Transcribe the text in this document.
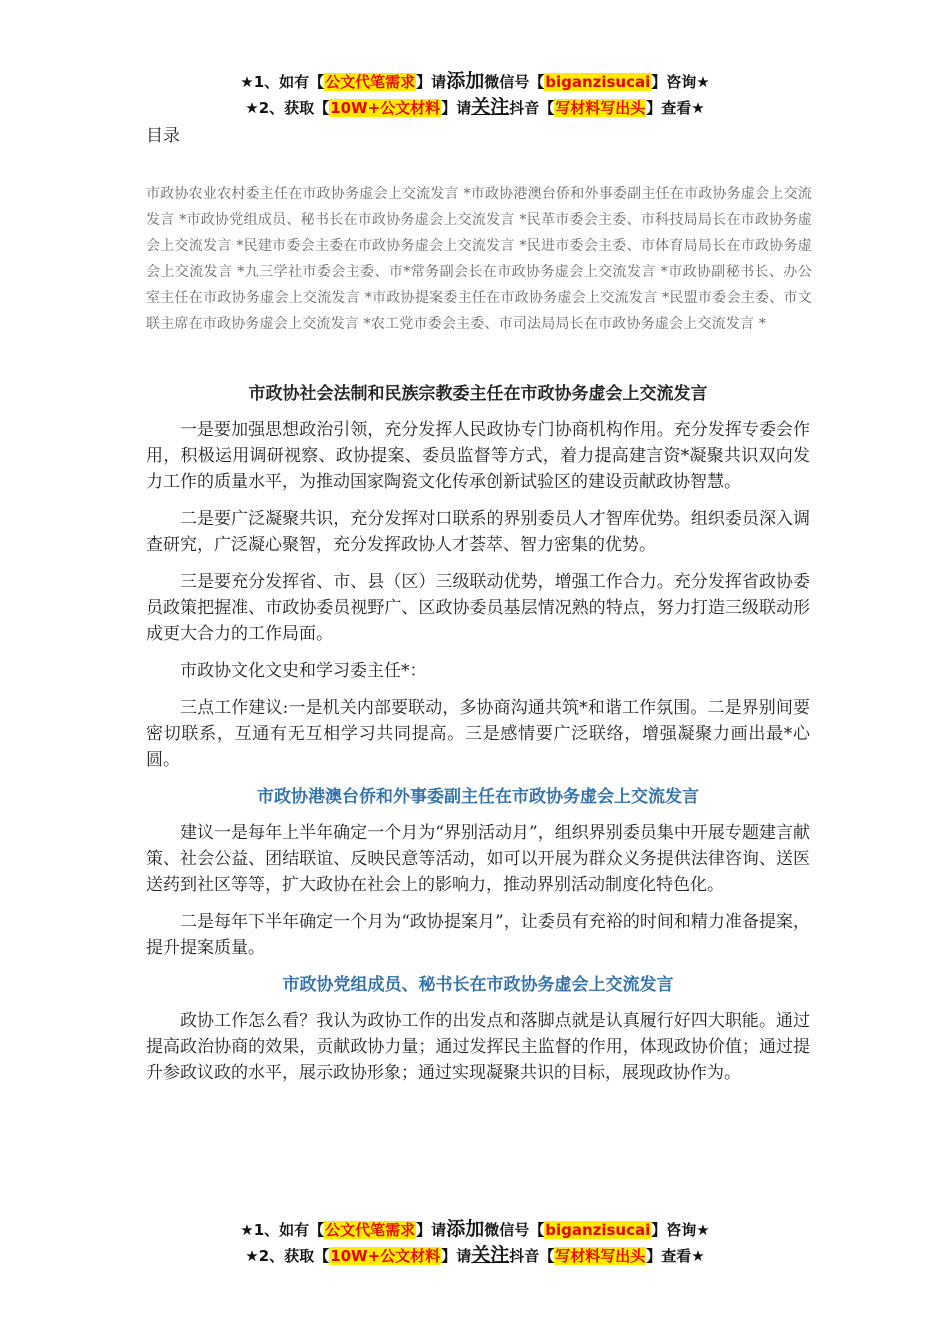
★1、如有【公文代笔需求】请添加微信号【biganzisucai】咨询★
★2、获取【10W+公文材料】请关注抖音【写材料写出头】查看★
目录
市政协农业农村委主任在市政协务虚会上交流发言 *市政协港澳台侨和外事委副主任在市政协务虚会上交流发言 *市政协党组成员、秘书长在市政协务虚会上交流发言 *民革市委会主委、市科技局局长在市政协务虚会上交流发言 *民建市委会主委在市政协务虚会上交流发言 *民进市委会主委、市体育局局长在市政协务虚会上交流发言 *九三学社市委会主委、市*常务副会长在市政协务虚会上交流发言 *市政协副秘书长、办公室主任在市政协务虚会上交流发言 *市政协提案委主任在市政协务虚会上交流发言 *民盟市委会主委、市文联主席在市政协务虚会上交流发言 *农工党市委会主委、市司法局局长在市政协务虚会上交流发言 *
市政协社会法制和民族宗教委主任在市政协务虚会上交流发言

一是要加强思想政治引领，充分发挥人民政协专门协商机构作用。充分发挥专委会作用，积极运用调研视察、政协提案、委员监督等方式，着力提高建言资*凝聚共识双向发力工作的质量水平，为推动国家陶瓷文化传承创新试验区的建设贡献政协智慧。

二是要广泛凝聚共识，充分发挥对口联系的界别委员人才智库优势。组织委员深入调查研究，广泛凝心聚智，充分发挥政协人才荟萃、智力密集的优势。

三是要充分发挥省、市、县（区）三级联动优势，增强工作合力。充分发挥省政协委员政策把握准、市政协委员视野广、区政协委员基层情况熟的特点，努力打造三级联动形成更大合力的工作局面。

市政协文化文史和学习委主任*：

三点工作建议:一是机关内部要联动，多协商沟通共筑*和谐工作氛围。二是界别间要密切联系，互通有无互相学习共同提高。三是感情要广泛联络，增强凝聚力画出最*心圆。

市政协港澳台侨和外事委副主任在市政协务虚会上交流发言

建议一是每年上半年确定一个月为“界别活动月”，组织界别委员集中开展专题建言献策、社会公益、团结联谊、反映民意等活动，如可以开展为群众义务提供法律咨询、送医送药到社区等等，扩大政协在社会上的影响力，推动界别活动制度化特色化。

二是每年下半年确定一个月为“政协提案月”，让委员有充裕的时间和精力准备提案，提升提案质量。

市政协党组成员、秘书长在市政协务虚会上交流发言

政协工作怎么看？我认为政协工作的出发点和落脚点就是认真履行好四大职能。通过提高政治协商的效果，贡献政协力量；通过发挥民主监督的作用，体现政协价值；通过提升参政议政的水平，展示政协形象；通过实现凝聚共识的目标，展现政协作为。

★1、如有【公文代笔需求】请添加微信号【biganzisucai】咨询★
★2、获取【10W+公文材料】请关注抖音【写材料写出头】查看★
